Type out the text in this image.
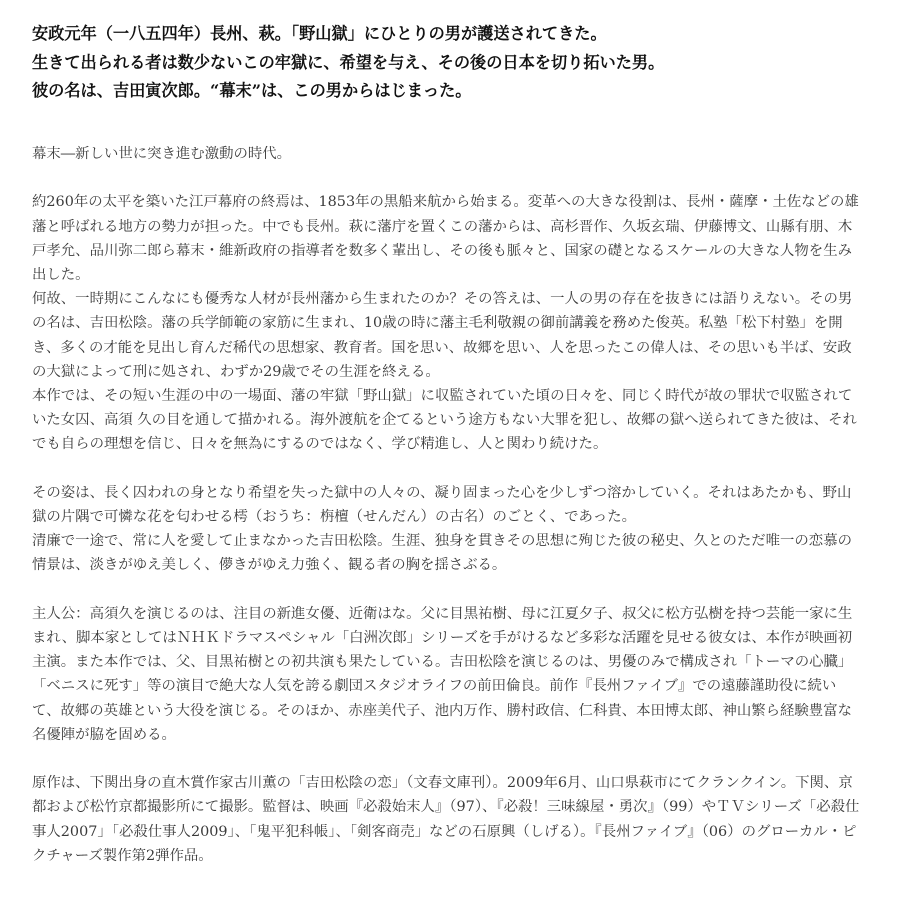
安政元年（一八五四年）長州、萩。「野山獄」にひとりの男が護送されてきた。
生きて出られる者は数少ないこの牢獄に、希望を与え、その後の日本を切り拓いた男。
彼の名は、吉田寅次郎。“幕末”は、この男からはじまった。

幕末―新しい世に突き進む激動の時代。

約260年の太平を築いた江戸幕府の終焉は、1853年の黒船来航から始まる。変革への大きな役割は、長州・薩摩・土佐などの雄藩と呼ばれる地方の勢力が担った。中でも長州。萩に藩庁を置くこの藩からは、高杉晋作、久坂玄瑞、伊藤博文、山縣有朋、木戸孝允、品川弥二郎ら幕末・維新政府の指導者を数多く輩出し、その後も脈々と、国家の礎となるスケールの大きな人物を生み出した。

何故、一時期にこんなにも優秀な人材が長州藩から生まれたのか？その答えは、一人の男の存在を抜きには語りえない。その男の名は、吉田松陰。藩の兵学師範の家筋に生まれ、10歳の時に藩主毛利敬親の御前講義を務めた俊英。私塾「松下村塾」を開き、多くの才能を見出し育んだ稀代の思想家、教育者。国を思い、故郷を思い、人を思ったこの偉人は、その思いも半ば、安政の大獄によって刑に処され、わずか29歳でその生涯を終える。

本作では、その短い生涯の中の一場面、藩の牢獄「野山獄」に収監されていた頃の日々を、同じく時代が故の罪状で収監されていた女囚、高須 久の目を通して描かれる。海外渡航を企てるという途方もない大罪を犯し、故郷の獄へ送られてきた彼は、それでも自らの理想を信じ、日々を無為にするのではなく、学び精進し、人と関わり続けた。

その姿は、長く囚われの身となり希望を失った獄中の人々の、凝り固まった心を少しずつ溶かしていく。それはあたかも、野山獄の片隅で可憐な花を匂わせる樗（おうち：栴檀（せんだん）の古名）のごとく、であった。

清廉で一途で、常に人を愛して止まなかった吉田松陰。生涯、独身を貫きその思想に殉じた彼の秘史、久とのただ唯一の恋慕の情景は、淡きがゆえ美しく、儚きがゆえ力強く、観る者の胸を揺さぶる。

主人公：高須久を演じるのは、注目の新進女優、近衛はな。父に目黒祐樹、母に江夏夕子、叔父に松方弘樹を持つ芸能一家に生まれ、脚本家としてはＮＨＫドラマスペシャル「白洲次郎」シリーズを手がけるなど多彩な活躍を見せる彼女は、本作が映画初主演。また本作では、父、目黒祐樹との初共演も果たしている。吉田松陰を演じるのは、男優のみで構成され「トーマの心臓」「ベニスに死す」等の演目で絶大な人気を誇る劇団スタジオライフの前田倫良。前作『長州ファイブ』での遠藤謹助役に続いて、故郷の英雄という大役を演じる。そのほか、赤座美代子、池内万作、勝村政信、仁科貴、本田博太郎、神山繁ら経験豊富な名優陣が脇を固める。

原作は、下関出身の直木賞作家古川薫の「吉田松陰の恋」（文春文庫刊）。2009年6月、山口県萩市にてクランクイン。下関、京都および松竹京都撮影所にて撮影。監督は、映画『必殺始末人』（97）、『必殺！三味線屋・勇次』（99）やＴＶシリーズ「必殺仕事人2007」「必殺仕事人2009」、「鬼平犯科帳」、「剣客商売」などの石原興（しげる）。『長州ファイブ』（06）のグローカル・ピクチャーズ製作第2弾作品。
